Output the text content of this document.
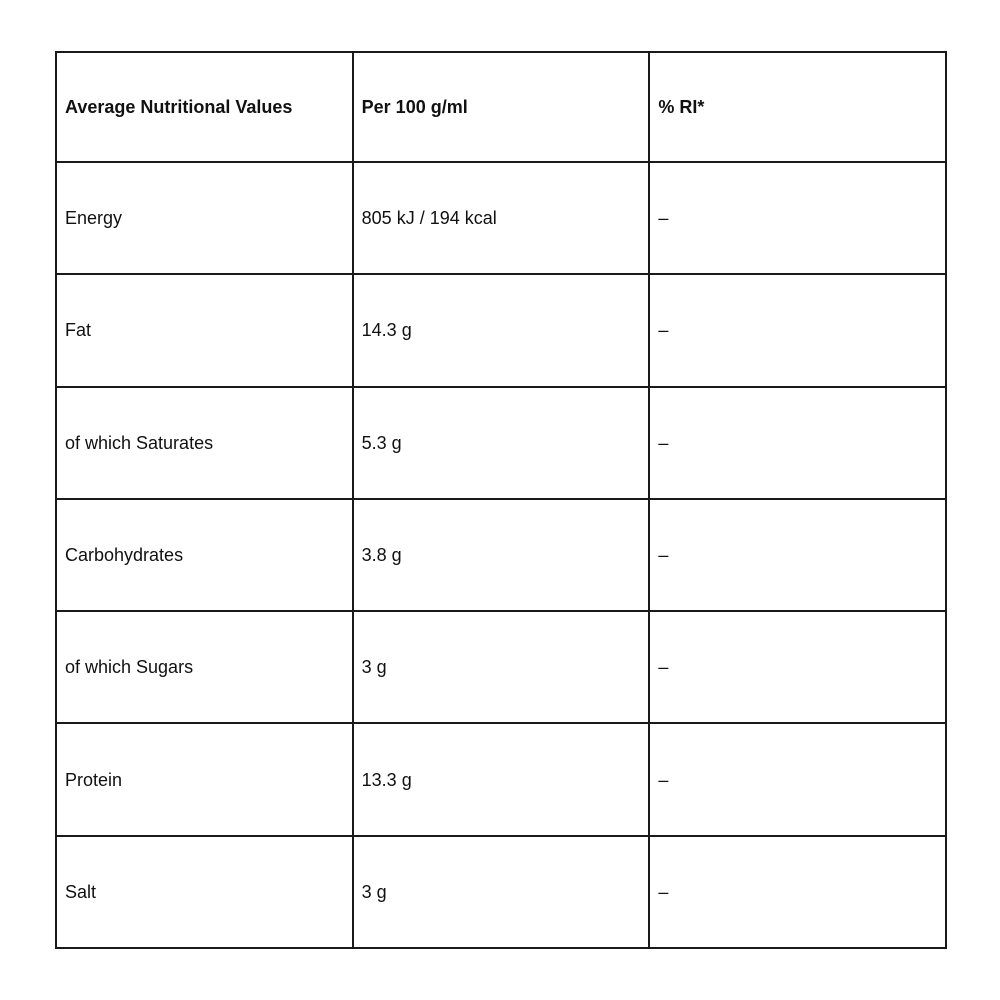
Average Nutritional Values	Per 100 g/ml	% RI*
Energy	805 kJ / 194 kcal	–
Fat	14.3 g	–
of which Saturates	5.3 g	–
Carbohydrates	3.8 g	–
of which Sugars	3 g	–
Protein	13.3 g	–
Salt	3 g	–
